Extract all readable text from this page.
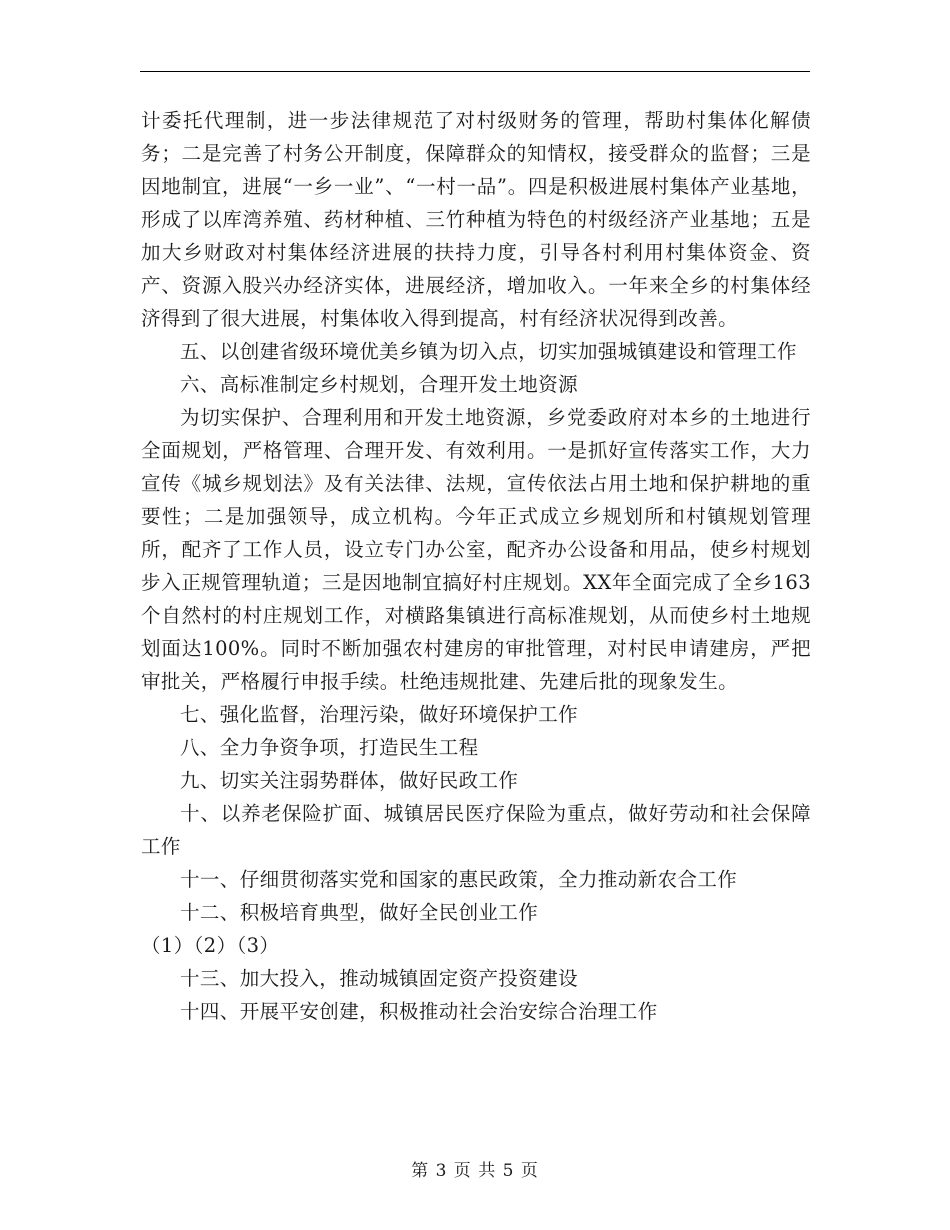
计委托代理制，进一步法律规范了对村级财务的管理，帮助村集体化解债务；二是完善了村务公开制度，保障群众的知情权，接受群众的监督；三是因地制宜，进展“一乡一业”、“一村一品”。四是积极进展村集体产业基地，形成了以库湾养殖、药材种植、三竹种植为特色的村级经济产业基地；五是加大乡财政对村集体经济进展的扶持力度，引导各村利用村集体资金、资产、资源入股兴办经济实体，进展经济，增加收入。一年来全乡的村集体经济得到了很大进展，村集体收入得到提高，村有经济状况得到改善。

五、以创建省级环境优美乡镇为切入点，切实加强城镇建设和管理工作

六、高标准制定乡村规划，合理开发土地资源

为切实保护、合理利用和开发土地资源，乡党委政府对本乡的土地进行全面规划，严格管理、合理开发、有效利用。一是抓好宣传落实工作，大力宣传《城乡规划法》及有关法律、法规，宣传依法占用土地和保护耕地的重要性；二是加强领导，成立机构。今年正式成立乡规划所和村镇规划管理所，配齐了工作人员，设立专门办公室，配齐办公设备和用品，使乡村规划步入正规管理轨道；三是因地制宜搞好村庄规划。XX年全面完成了全乡163个自然村的村庄规划工作，对横路集镇进行高标准规划，从而使乡村土地规划面达100%。同时不断加强农村建房的审批管理，对村民申请建房，严把审批关，严格履行申报手续。杜绝违规批建、先建后批的现象发生。

七、强化监督，治理污染，做好环境保护工作

八、全力争资争项，打造民生工程

九、切实关注弱势群体，做好民政工作

十、以养老保险扩面、城镇居民医疗保险为重点，做好劳动和社会保障工作

十一、仔细贯彻落实党和国家的惠民政策，全力推动新农合工作

十二、积极培育典型，做好全民创业工作

（1）（2）（3）

十三、加大投入，推动城镇固定资产投资建设

十四、开展平安创建，积极推动社会治安综合治理工作

第 3 页 共 5 页
